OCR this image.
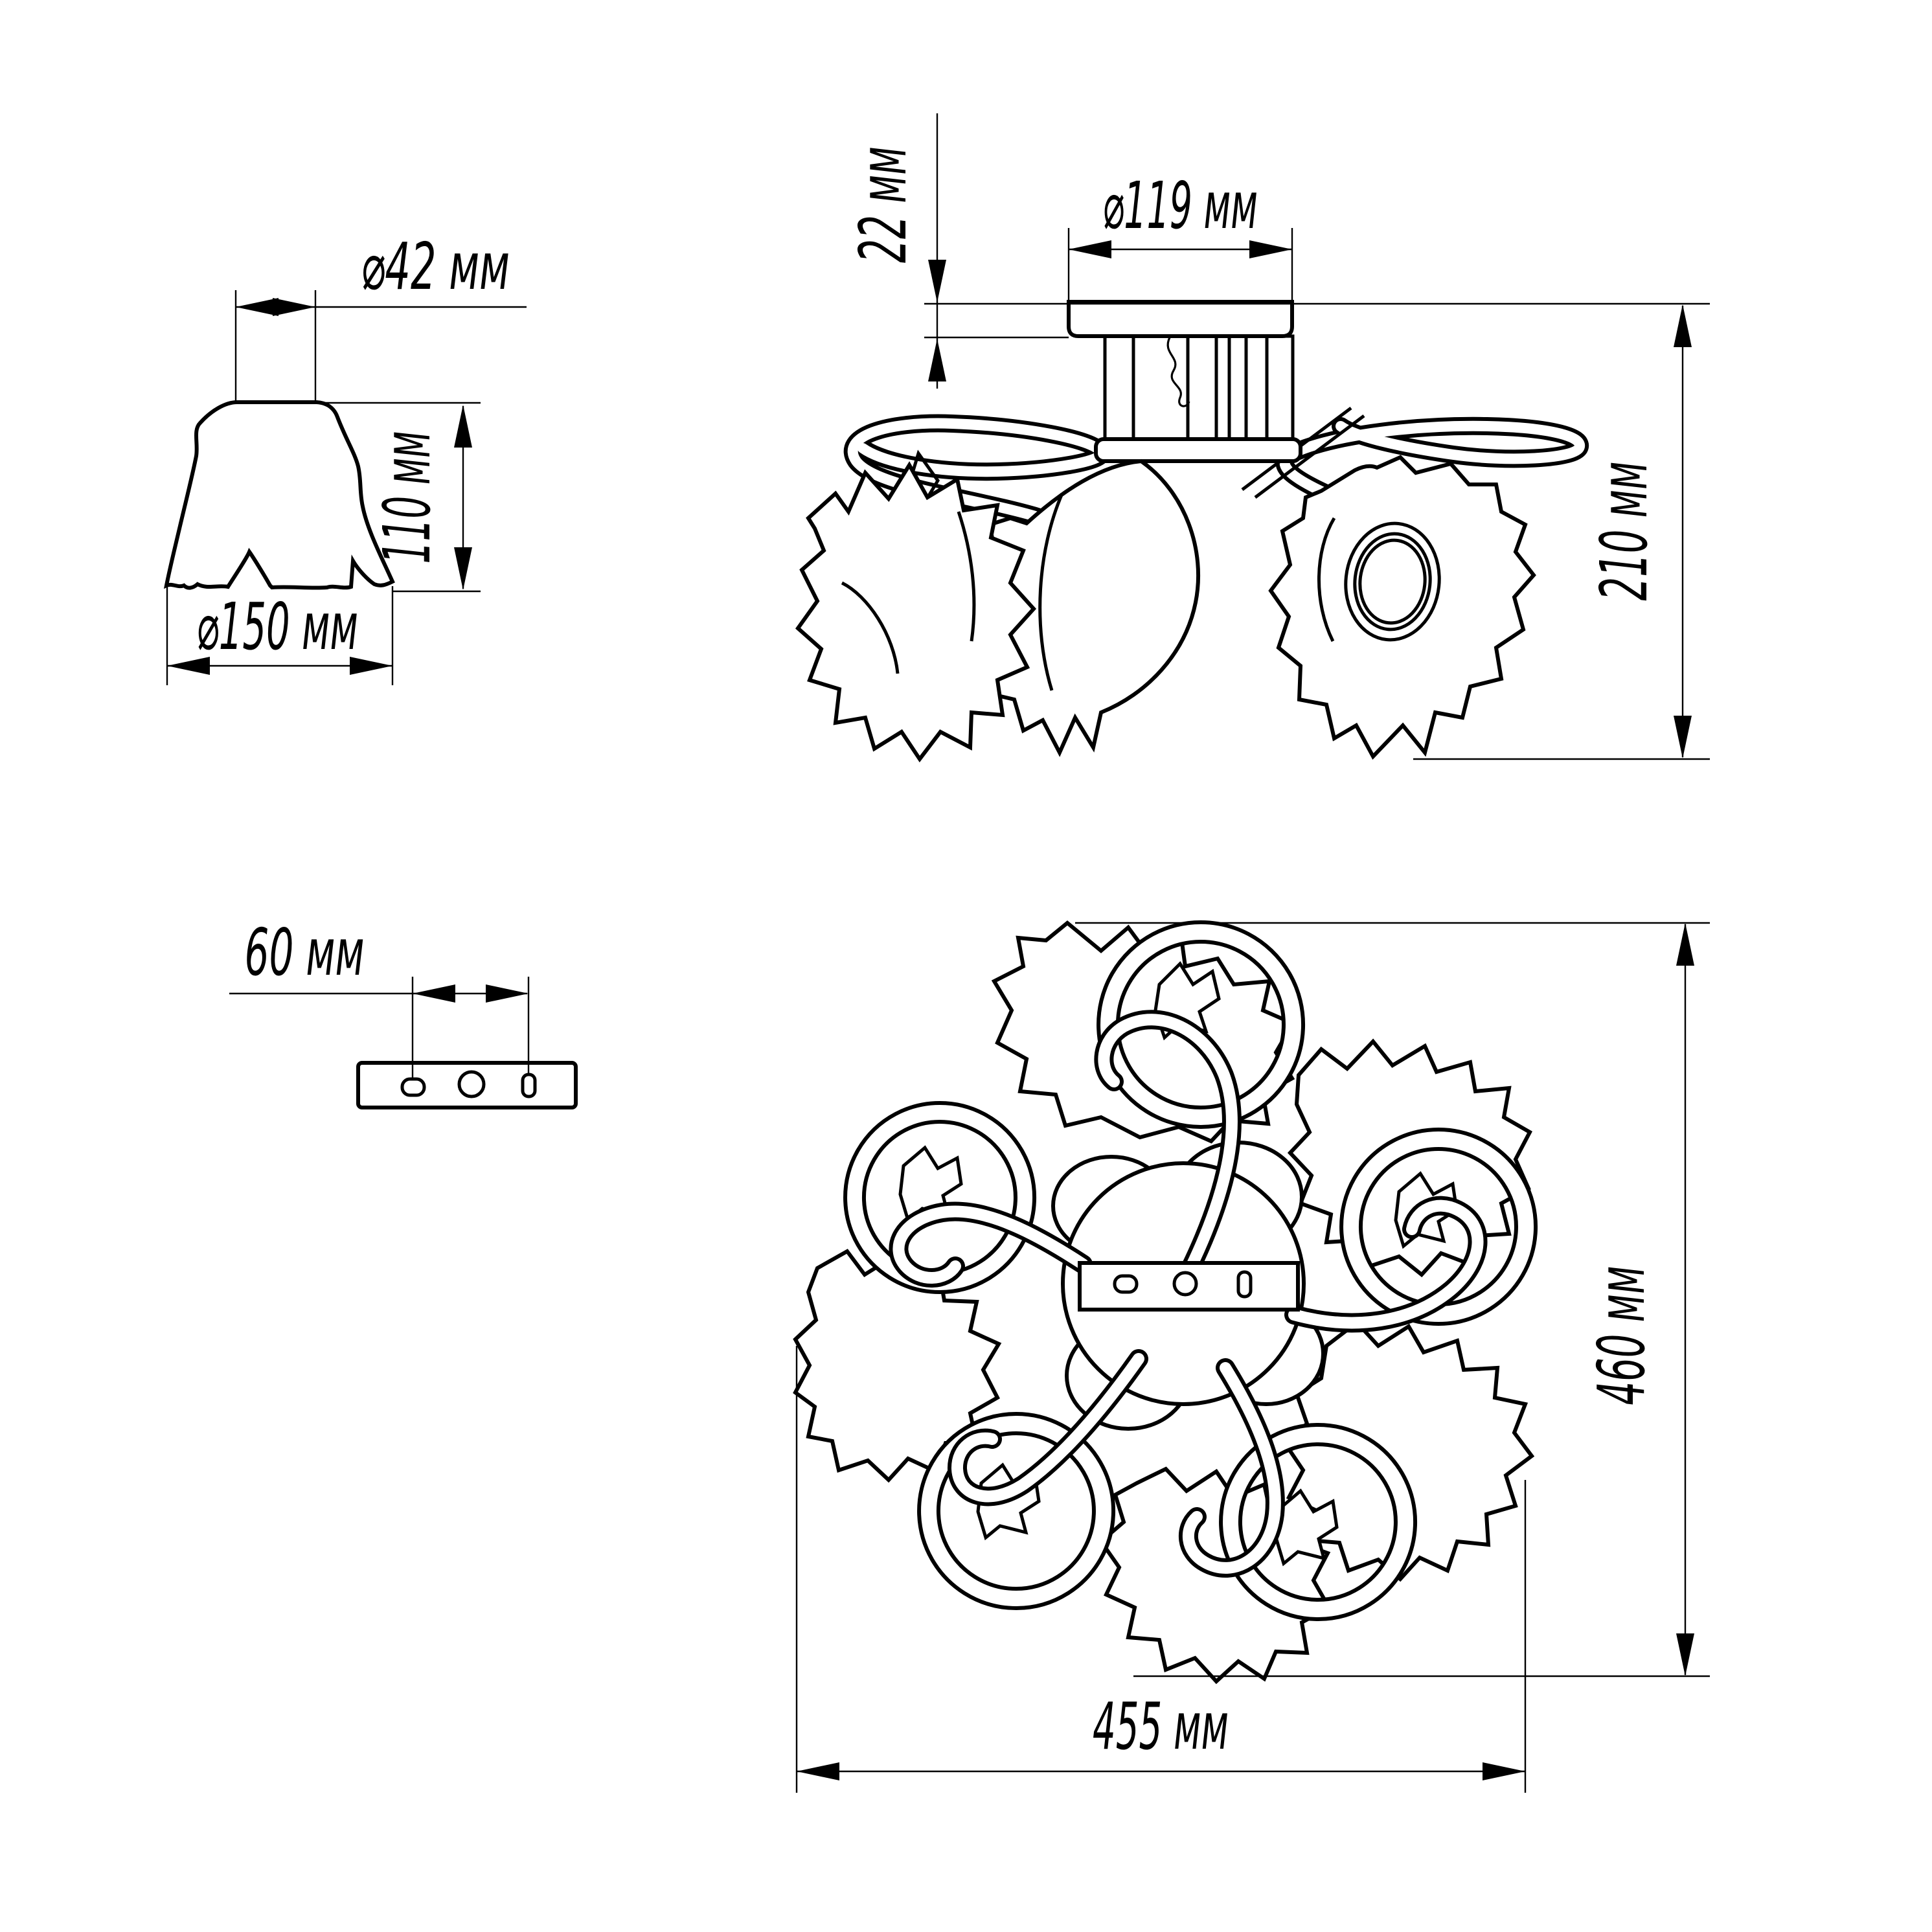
⌀42 мм
110 мм
⌀150 мм
60 мм
22 мм	⌀119 мм
210 мм
460 мм
455 мм
